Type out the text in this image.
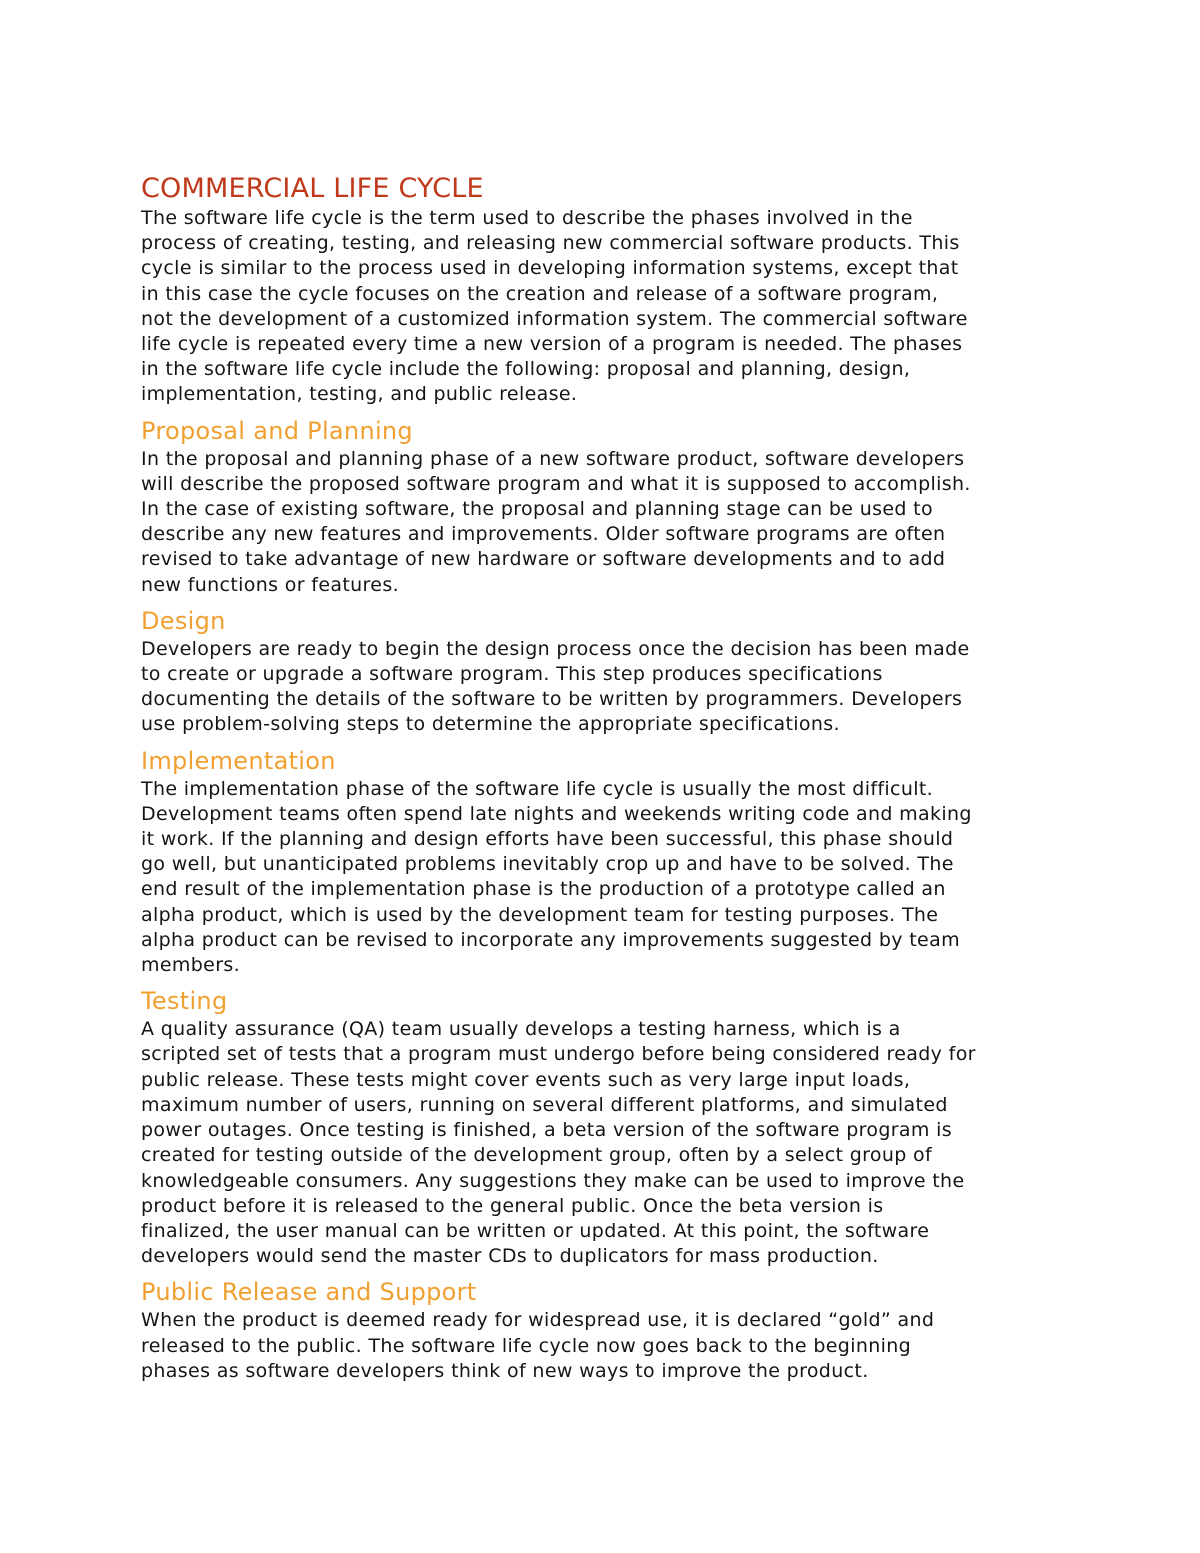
COMMERCIAL LIFE CYCLE

The software life cycle is the term used to describe the phases involved in the
process of creating, testing, and releasing new commercial software products. This
cycle is similar to the process used in developing information systems, except that
in this case the cycle focuses on the creation and release of a software program,
not the development of a customized information system. The commercial software
life cycle is repeated every time a new version of a program is needed. The phases
in the software life cycle include the following: proposal and planning, design,
implementation, testing, and public release.

Proposal and Planning

In the proposal and planning phase of a new software product, software developers
will describe the proposed software program and what it is supposed to accomplish.
In the case of existing software, the proposal and planning stage can be used to
describe any new features and improvements. Older software programs are often
revised to take advantage of new hardware or software developments and to add
new functions or features.

Design

Developers are ready to begin the design process once the decision has been made
to create or upgrade a software program. This step produces specifications
documenting the details of the software to be written by programmers. Developers
use problem-solving steps to determine the appropriate specifications.

Implementation

The implementation phase of the software life cycle is usually the most difficult.
Development teams often spend late nights and weekends writing code and making
it work. If the planning and design efforts have been successful, this phase should
go well, but unanticipated problems inevitably crop up and have to be solved. The
end result of the implementation phase is the production of a prototype called an
alpha product, which is used by the development team for testing purposes. The
alpha product can be revised to incorporate any improvements suggested by team
members.

Testing

A quality assurance (QA) team usually develops a testing harness, which is a
scripted set of tests that a program must undergo before being considered ready for
public release. These tests might cover events such as very large input loads,
maximum number of users, running on several different platforms, and simulated
power outages. Once testing is finished, a beta version of the software program is
created for testing outside of the development group, often by a select group of
knowledgeable consumers. Any suggestions they make can be used to improve the
product before it is released to the general public. Once the beta version is
finalized, the user manual can be written or updated. At this point, the software
developers would send the master CDs to duplicators for mass production.

Public Release and Support

When the product is deemed ready for widespread use, it is declared “gold” and
released to the public. The software life cycle now goes back to the beginning
phases as software developers think of new ways to improve the product.
